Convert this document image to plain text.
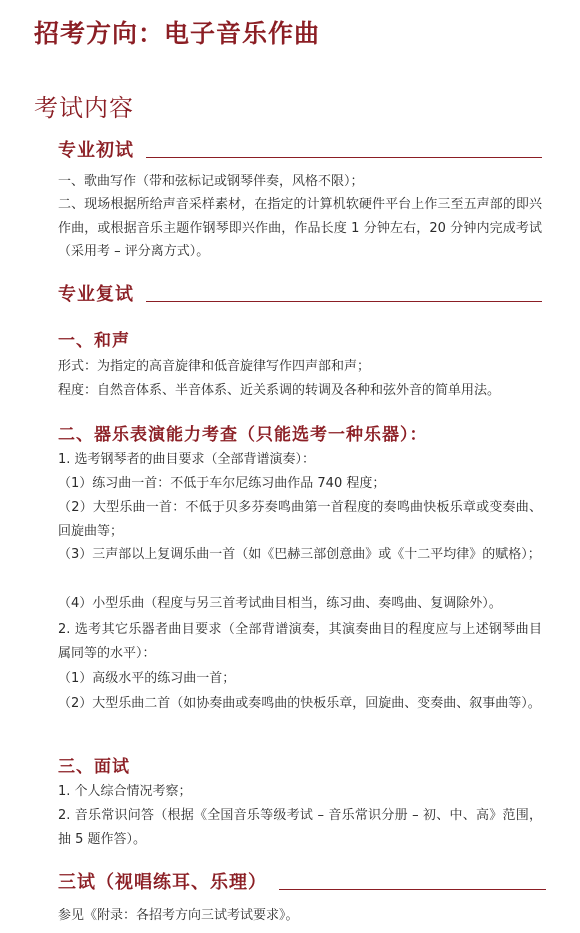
招考方向：电子音乐作曲
考试内容
专业初试

一、歌曲写作（带和弦标记或钢琴伴奏，风格不限）；

二、现场根据所给声音采样素材，在指定的计算机软硬件平台上作三至五声部的即兴作曲，或根据音乐主题作钢琴即兴作曲，作品长度 1 分钟左右，20 分钟内完成考试（采用考 – 评分离方式）。

专业复试
一、和声

形式：为指定的高音旋律和低音旋律写作四声部和声；

程度：自然音体系、半音体系、近关系调的转调及各种和弦外音的简单用法。

二、器乐表演能力考查（只能选考一种乐器）：

1. 选考钢琴者的曲目要求（全部背谱演奏）：

（1）练习曲一首：不低于车尔尼练习曲作品 740 程度；

（2）大型乐曲一首：不低于贝多芬奏鸣曲第一首程度的奏鸣曲快板乐章或变奏曲、回旋曲等；

（3）三声部以上复调乐曲一首（如《巴赫三部创意曲》或《十二平均律》的赋格）；

（4）小型乐曲（程度与另三首考试曲目相当，练习曲、奏鸣曲、复调除外）。

2. 选考其它乐器者曲目要求（全部背谱演奏，其演奏曲目的程度应与上述钢琴曲目属同等的水平）：

（1）高级水平的练习曲一首；

（2）大型乐曲二首（如协奏曲或奏鸣曲的快板乐章，回旋曲、变奏曲、叙事曲等）。

三、面试

1. 个人综合情况考察；

2. 音乐常识问答（根据《全国音乐等级考试 – 音乐常识分册 – 初、中、高》范围，抽 5 题作答）。

三试（视唱练耳、乐理）

参见《附录：各招考方向三试考试要求》。
